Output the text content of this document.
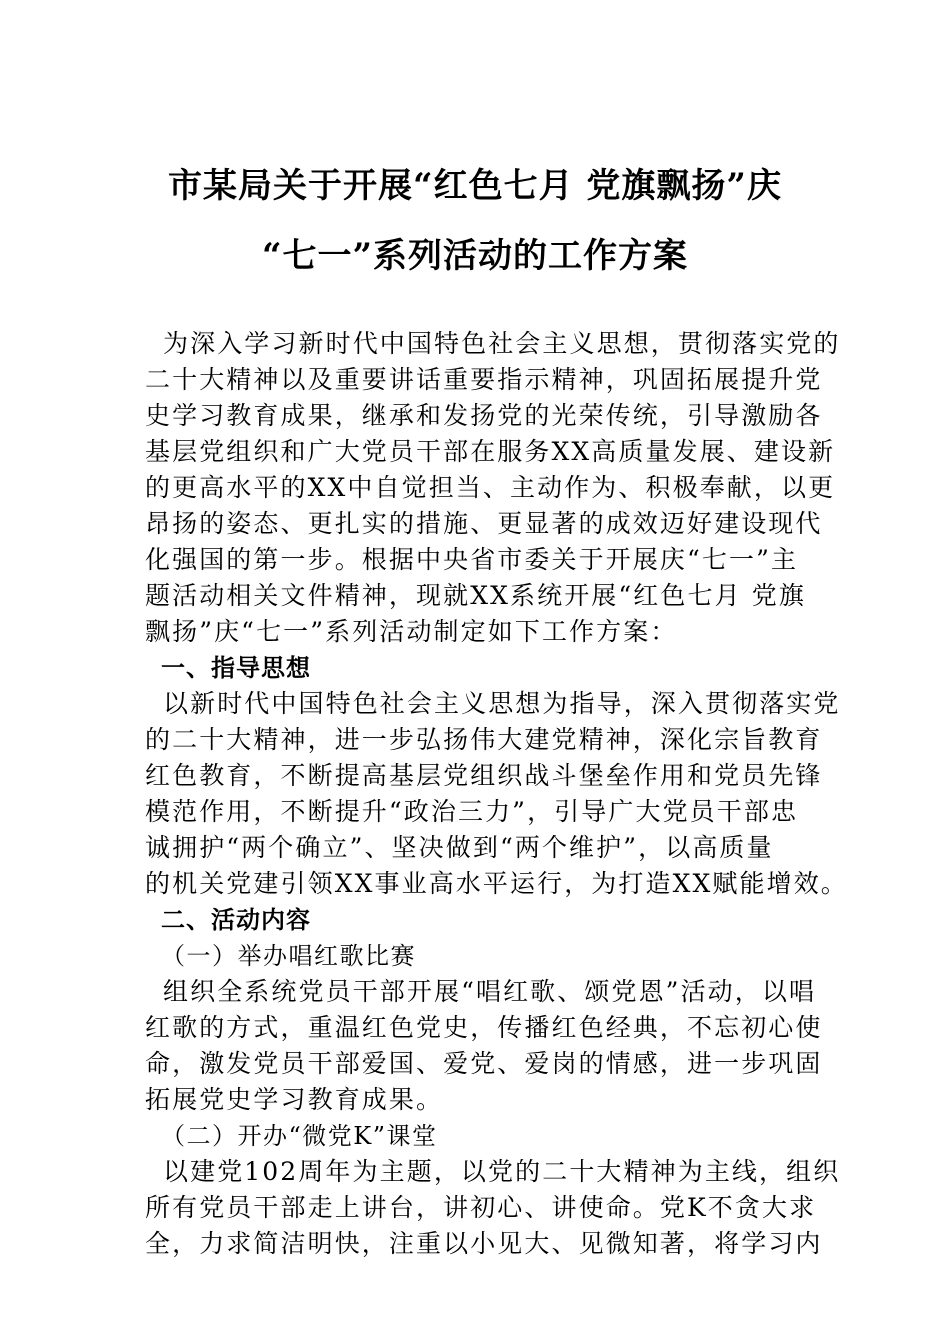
市某局关于开展“红色七月 党旗飘扬”庆
“七一”系列活动的工作方案
为深入学习新时代中国特色社会主义思想，贯彻落实党的
二十大精神以及重要讲话重要指示精神，巩固拓展提升党
史学习教育成果，继承和发扬党的光荣传统，引导激励各
基层党组织和广大党员干部在服务XX高质量发展、建设新
的更高水平的XX中自觉担当、主动作为、积极奉献，以更
昂扬的姿态、更扎实的措施、更显著的成效迈好建设现代
化强国的第一步。根据中央省市委关于开展庆“七一”主
题活动相关文件精神，现就XX系统开展“红色七月 党旗
飘扬”庆“七一”系列活动制定如下工作方案：
一、指导思想
以新时代中国特色社会主义思想为指导，深入贯彻落实党
的二十大精神，进一步弘扬伟大建党精神，深化宗旨教育
红色教育，不断提高基层党组织战斗堡垒作用和党员先锋
模范作用，不断提升“政治三力”，引导广大党员干部忠
诚拥护“两个确立”、坚决做到“两个维护”，以高质量
的机关党建引领XX事业高水平运行，为打造XX赋能增效。
二、活动内容
（一）举办唱红歌比赛
组织全系统党员干部开展“唱红歌、颂党恩”活动，以唱
红歌的方式，重温红色党史，传播红色经典，不忘初心使
命，激发党员干部爱国、爱党、爱岗的情感，进一步巩固
拓展党史学习教育成果。
（二）开办“微党K”课堂
以建党102周年为主题，以党的二十大精神为主线，组织
所有党员干部走上讲台，讲初心、讲使命。党K不贪大求
全，力求简洁明快，注重以小见大、见微知著，将学习内
